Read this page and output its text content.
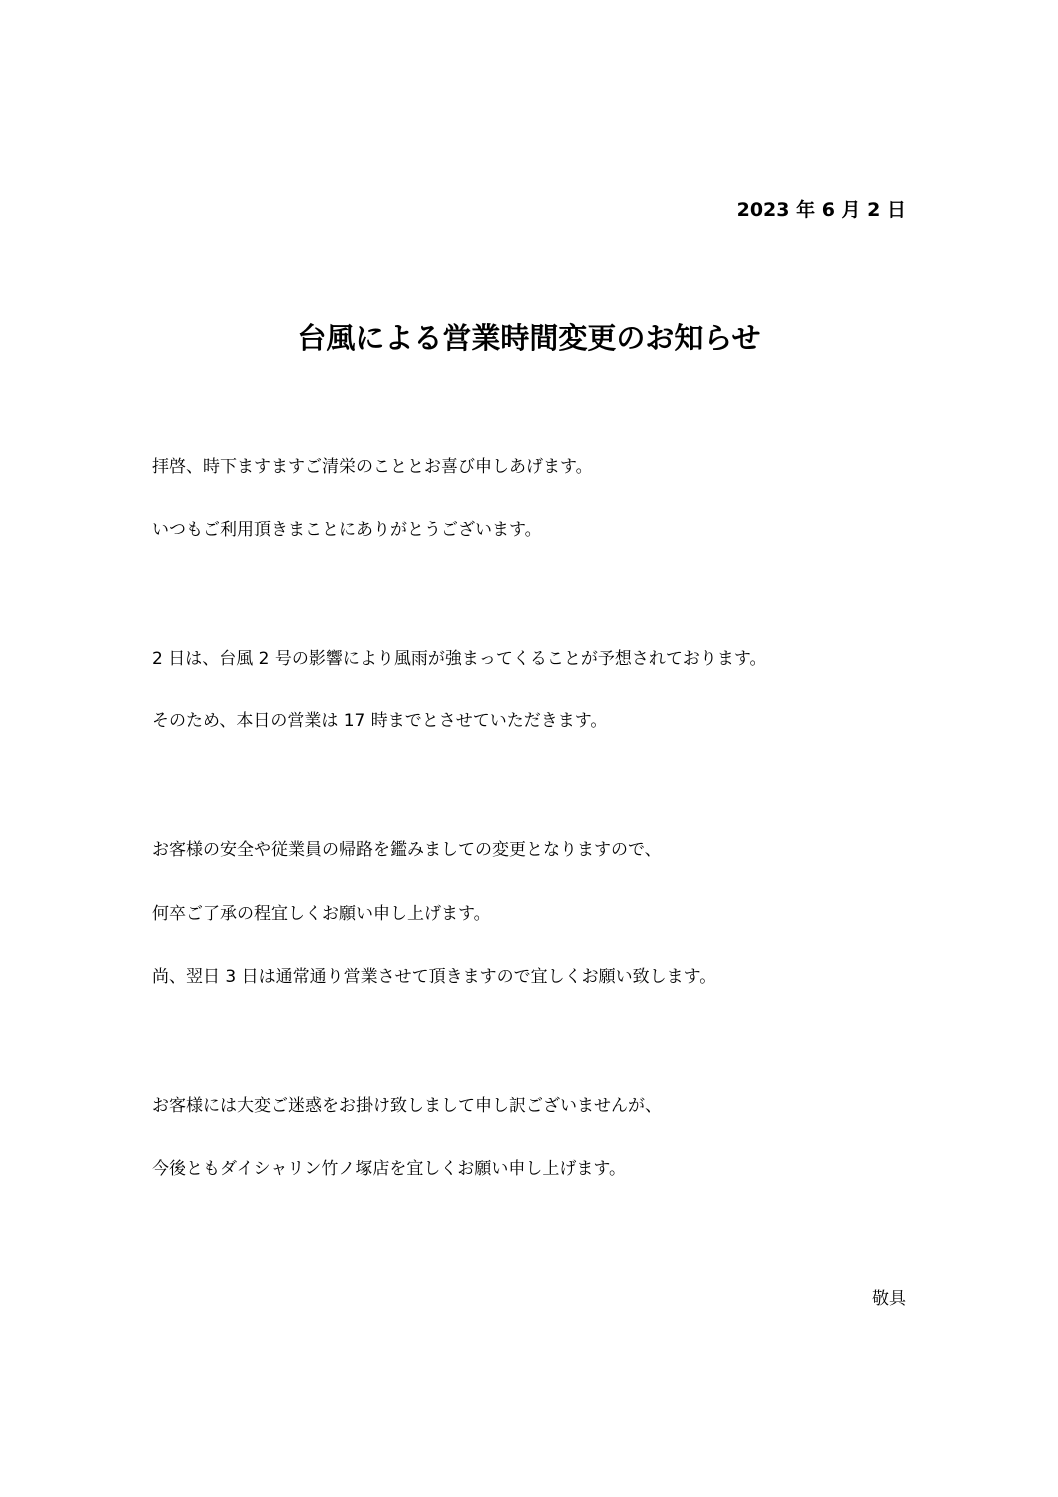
2023 年 6 月 2 日
台風による営業時間変更のお知らせ
拝啓、時下ますますご清栄のこととお喜び申しあげます。
いつもご利用頂きまことにありがとうございます。
2 日は、台風 2 号の影響により風雨が強まってくることが予想されております。
そのため、本日の営業は 17 時までとさせていただきます。
お客様の安全や従業員の帰路を鑑みましての変更となりますので、
何卒ご了承の程宜しくお願い申し上げます。
尚、翌日 3 日は通常通り営業させて頂きますので宜しくお願い致します。
お客様には大変ご迷惑をお掛け致しまして申し訳ございませんが、
今後ともダイシャリン竹ノ塚店を宜しくお願い申し上げます。
敬具
